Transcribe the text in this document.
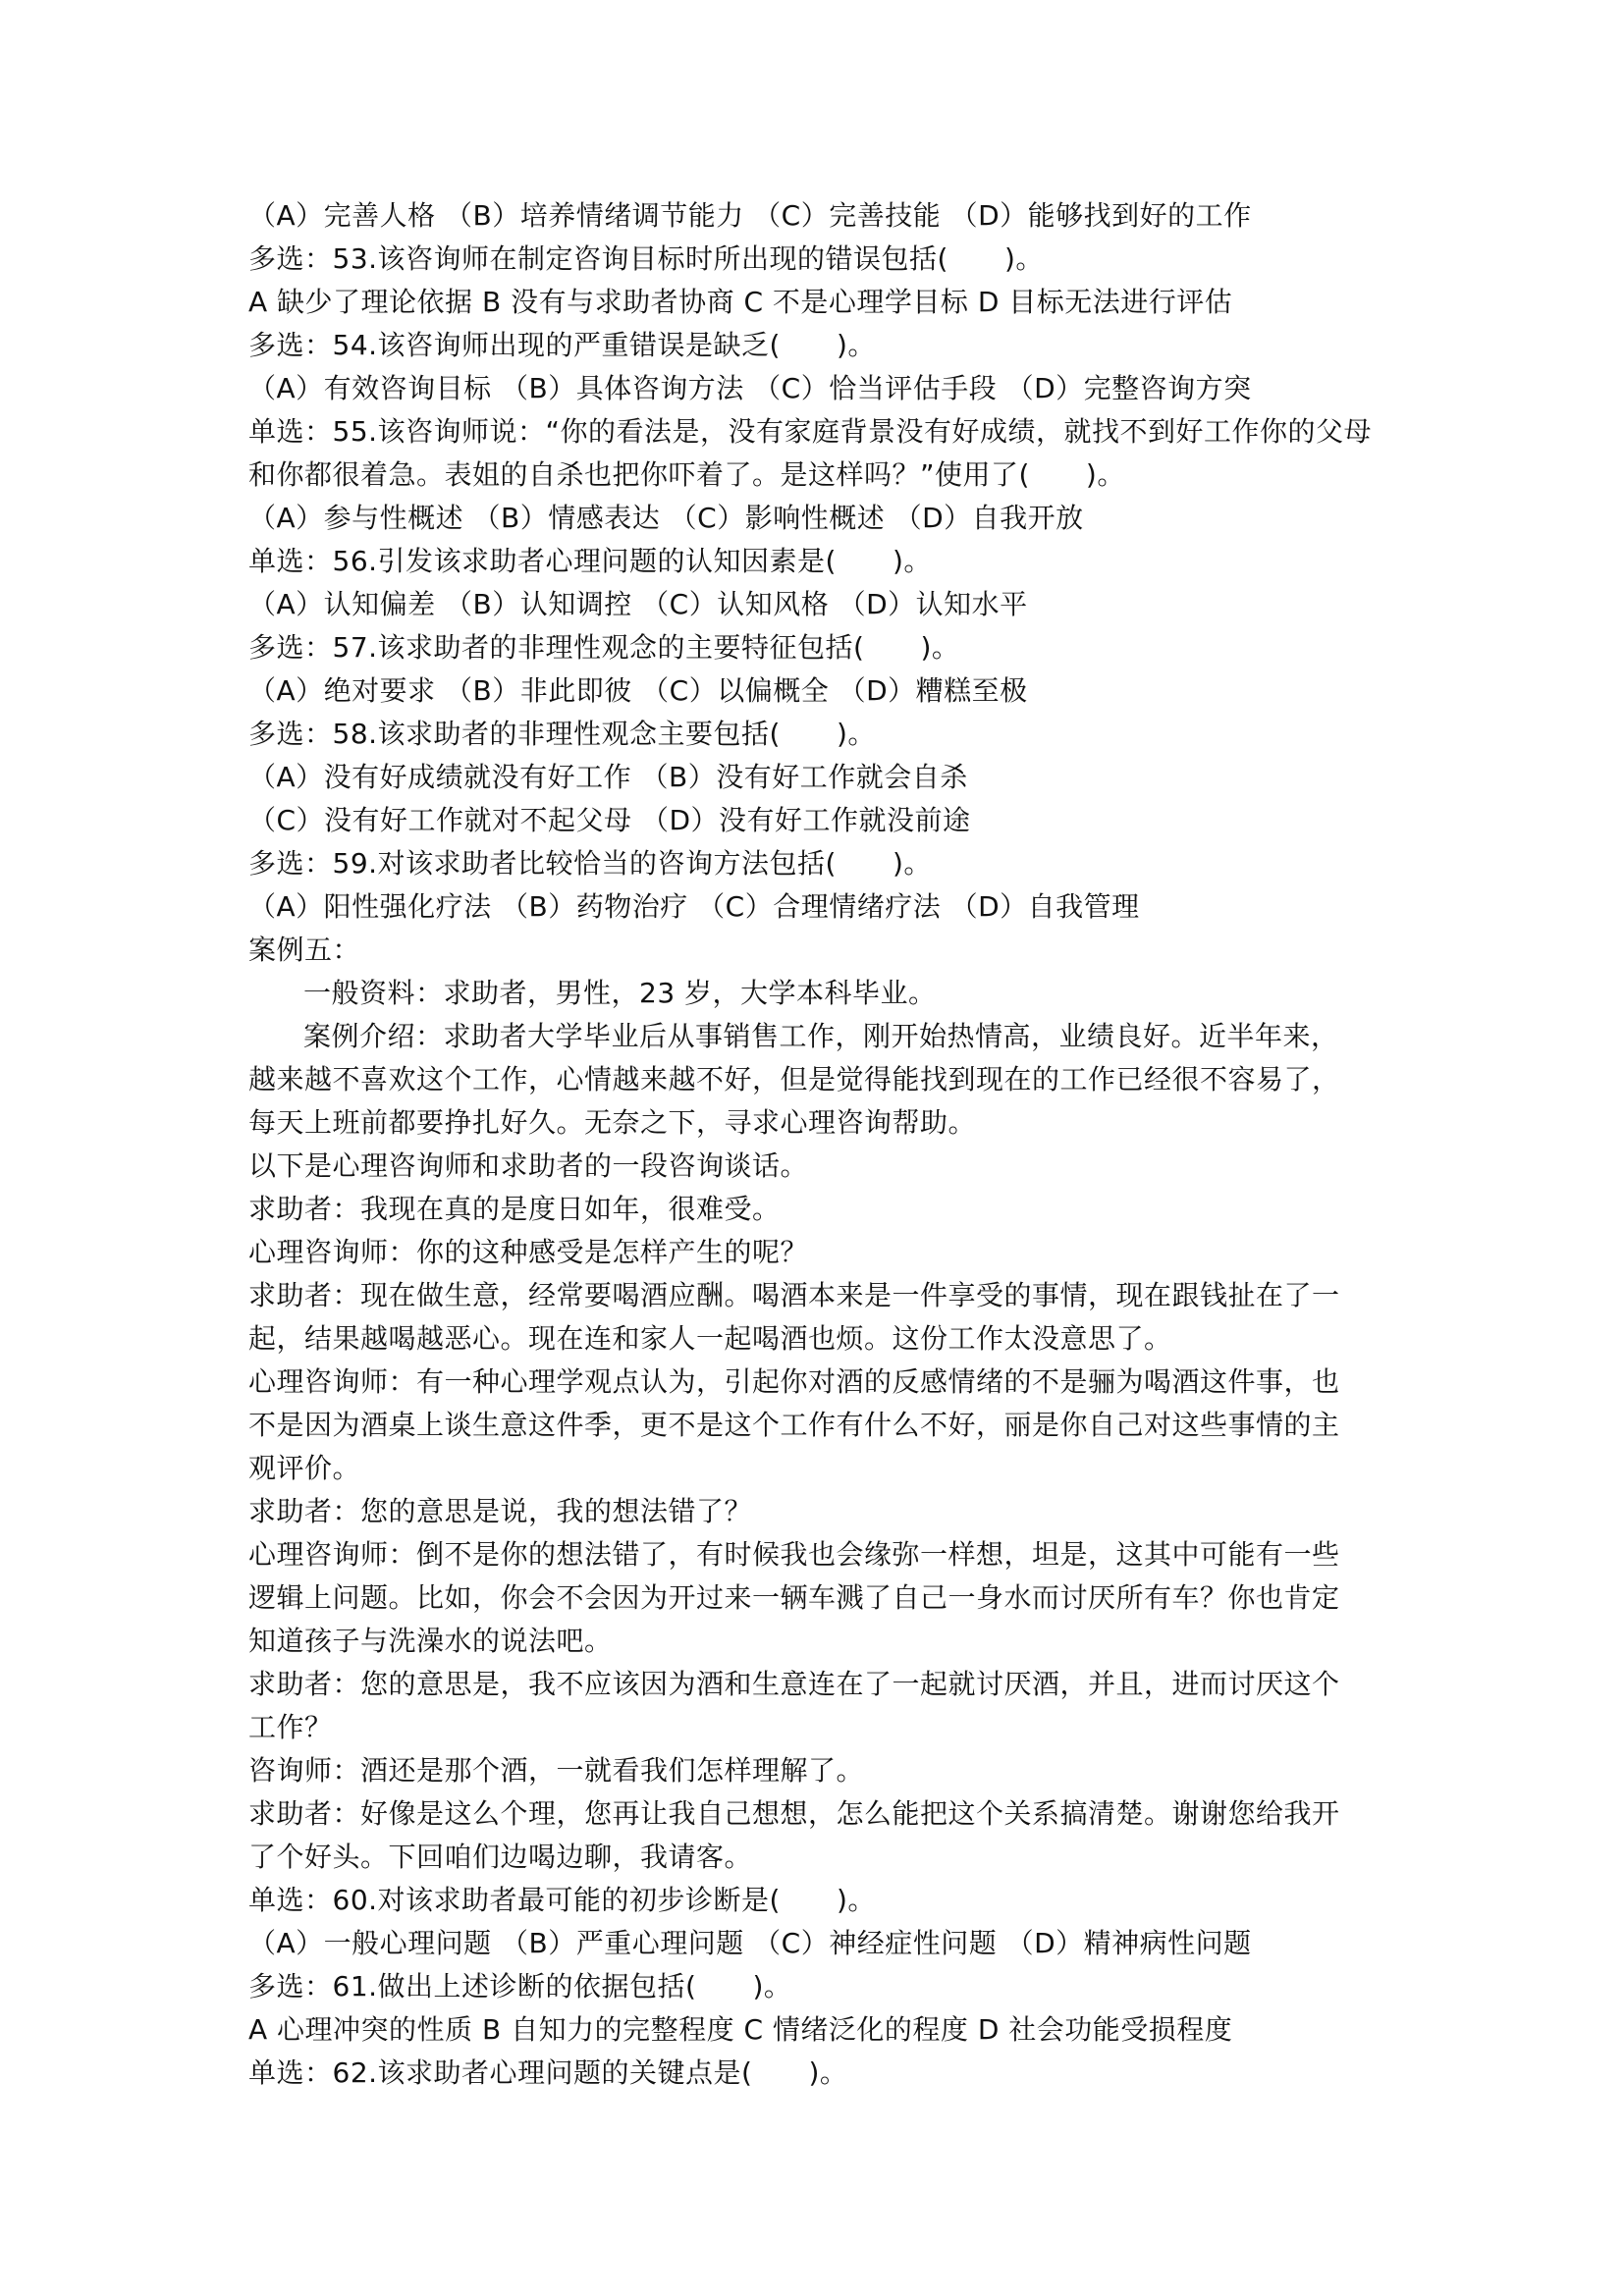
（A）完善人格 （B）培养情绪调节能力 （C）完善技能 （D）能够找到好的工作
多选：53.该咨询师在制定咨询目标时所出现的错误包括(　　)。
A 缺少了理论依据 B 没有与求助者协商 C 不是心理学目标 D 目标无法进行评估
多选：54.该咨询师出现的严重错误是缺乏(　　)。
（A）有效咨询目标 （B）具体咨询方法 （C）恰当评估手段 （D）完整咨询方突
单选：55.该咨询师说：“你的看法是，没有家庭背景没有好成绩，就找不到好工作你的父母
和你都很着急。表姐的自杀也把你吓着了。是这样吗？”使用了(　　)。
（A）参与性概述 （B）情感表达 （C）影响性概述 （D）自我开放
单选：56.引发该求助者心理问题的认知因素是(　　)。
（A）认知偏差 （B）认知调控 （C）认知风格 （D）认知水平
多选：57.该求助者的非理性观念的主要特征包括(　　)。
（A）绝对要求 （B）非此即彼 （C）以偏概全 （D）糟糕至极
多选：58.该求助者的非理性观念主要包括(　　)。
（A）没有好成绩就没有好工作 （B）没有好工作就会自杀
（C）没有好工作就对不起父母 （D）没有好工作就没前途
多选：59.对该求助者比较恰当的咨询方法包括(　　)。
（A）阳性强化疗法 （B）药物治疗 （C）合理情绪疗法 （D）自我管理
案例五：
一般资料：求助者，男性，23 岁，大学本科毕业。
案例介绍：求助者大学毕业后从事销售工作，刚开始热情高，业绩良好。近半年来，
越来越不喜欢这个工作，心情越来越不好，但是觉得能找到现在的工作已经很不容易了，
每天上班前都要挣扎好久。无奈之下，寻求心理咨询帮助。
以下是心理咨询师和求助者的一段咨询谈话。
求助者：我现在真的是度日如年，很难受。
心理咨询师：你的这种感受是怎样产生的呢？
求助者：现在做生意，经常要喝酒应酬。喝酒本来是一件享受的事情，现在跟钱扯在了一
起，结果越喝越恶心。现在连和家人一起喝酒也烦。这份工作太没意思了。
心理咨询师：有一种心理学观点认为，引起你对酒的反感情绪的不是骊为喝酒这件事，也
不是因为酒桌上谈生意这件季，更不是这个工作有什么不好，丽是你自己对这些事情的主
观评价。
求助者：您的意思是说，我的想法错了？
心理咨询师：倒不是你的想法错了，有时候我也会缘弥一样想，坦是，这其中可能有一些
逻辑上问题。比如，你会不会因为开过来一辆车溅了自己一身水而讨厌所有车？你也肯定
知道孩子与洗澡水的说法吧。
求助者：您的意思是，我不应该因为酒和生意连在了一起就讨厌酒，并且，进而讨厌这个
工作？
咨询师：酒还是那个酒，一就看我们怎样理解了。
求助者：好像是这么个理，您再让我自己想想，怎么能把这个关系搞清楚。谢谢您给我开
了个好头。下回咱们边喝边聊，我请客。
单选：60.对该求助者最可能的初步诊断是(　　)。
（A）一般心理问题 （B）严重心理问题 （C）神经症性问题 （D）精神病性问题
多选：61.做出上述诊断的依据包括(　　)。
A 心理冲突的性质 B 自知力的完整程度 C 情绪泛化的程度 D 社会功能受损程度
单选：62.该求助者心理问题的关键点是(　　)。
